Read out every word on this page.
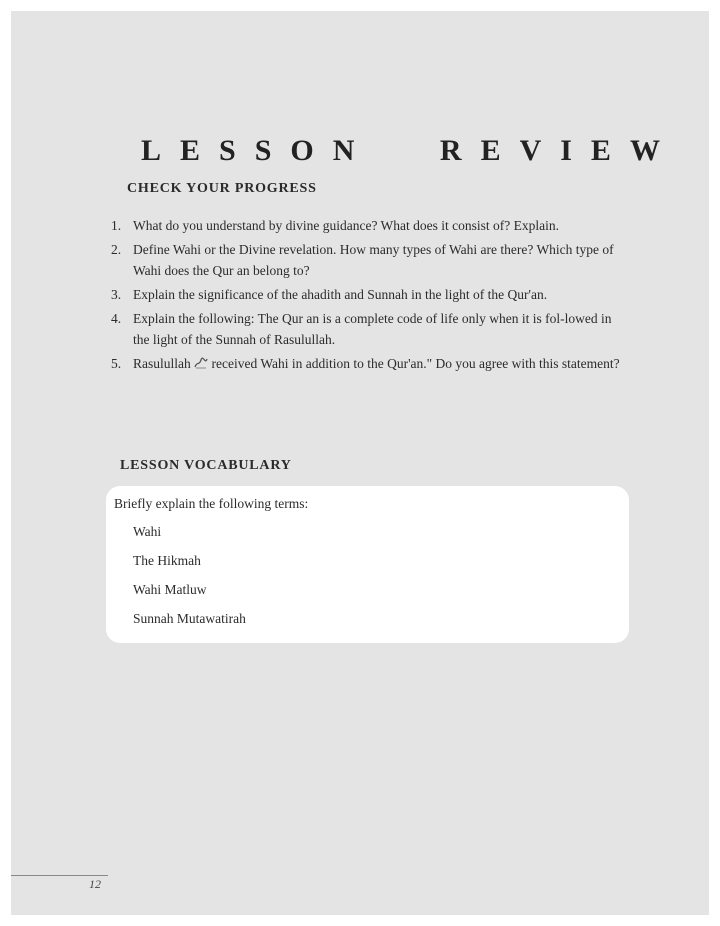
LESSON REVIEW
CHECK YOUR PROGRESS
1. What do you understand by divine guidance? What does it consist of? Explain.
2. Define Wahi or the Divine revelation. How many types of Wahi are there? Which type of Wahi does the Qur an belong to?
3. Explain the significance of the ahadith and Sunnah in the light of the Qur'an.
4. Explain the following: The Qur an is a complete code of life only when it is fol-lowed in the light of the Sunnah of Rasulullah.
5. Rasulullah  received Wahi in addition to the Qur'an." Do you agree with this statement?
LESSON VOCABULARY
Briefly explain the following terms:
Wahi
The Hikmah
Wahi Matluw
Sunnah Mutawatirah
12
